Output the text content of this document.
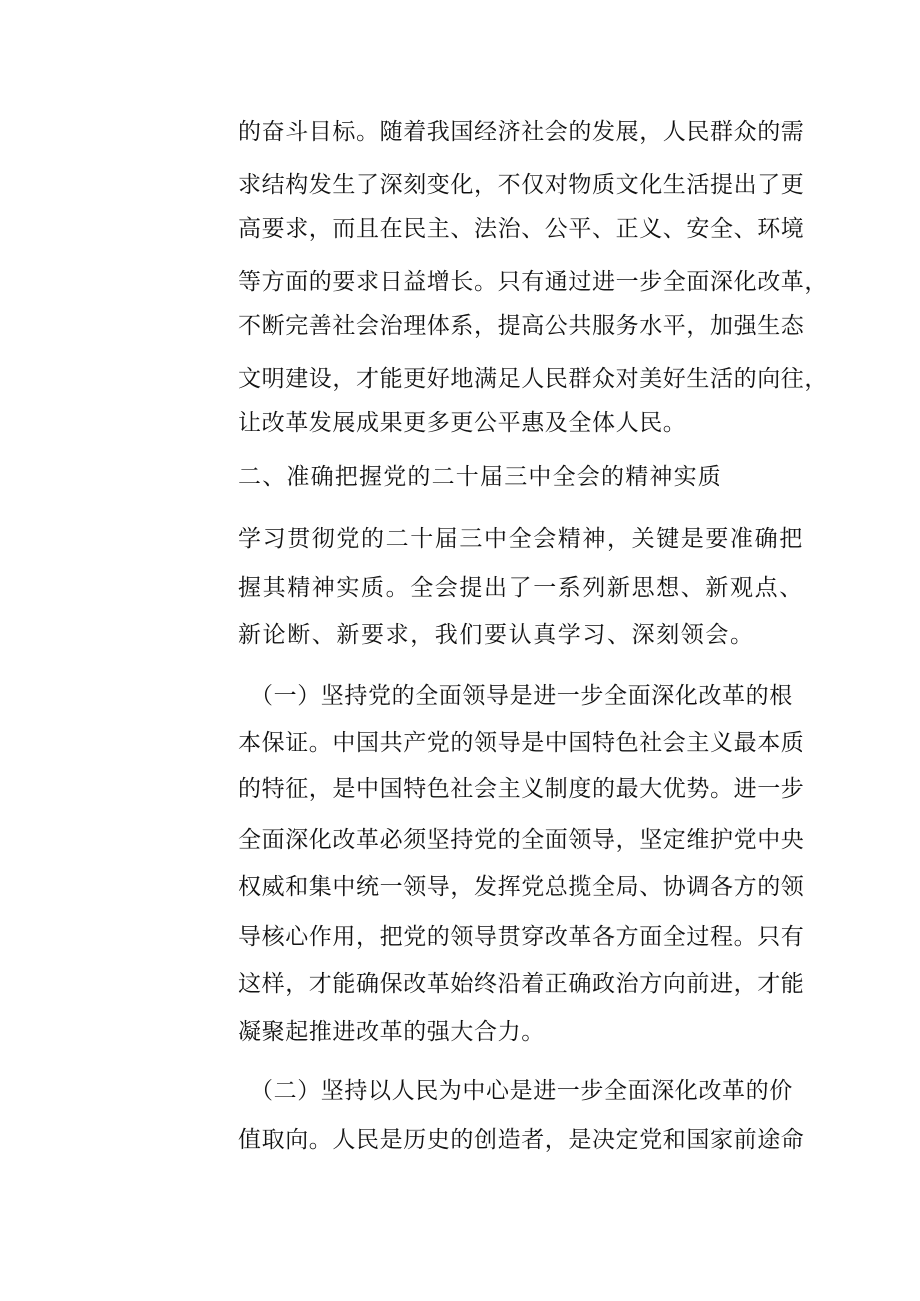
的奋斗目标。随着我国经济社会的发展，人民群众的需
求结构发生了深刻变化，不仅对物质文化生活提出了更
高要求，而且在民主、法治、公平、正义、安全、环境
等方面的要求日益增长。只有通过进一步全面深化改革，
不断完善社会治理体系，提高公共服务水平，加强生态
文明建设，才能更好地满足人民群众对美好生活的向往，
让改革发展成果更多更公平惠及全体人民。
二、准确把握党的二十届三中全会的精神实质
学习贯彻党的二十届三中全会精神，关键是要准确把
握其精神实质。全会提出了一系列新思想、新观点、
新论断、新要求，我们要认真学习、深刻领会。
（一）坚持党的全面领导是进一步全面深化改革的根
本保证。中国共产党的领导是中国特色社会主义最本质
的特征，是中国特色社会主义制度的最大优势。进一步
全面深化改革必须坚持党的全面领导，坚定维护党中央
权威和集中统一领导，发挥党总揽全局、协调各方的领
导核心作用，把党的领导贯穿改革各方面全过程。只有
这样，才能确保改革始终沿着正确政治方向前进，才能
凝聚起推进改革的强大合力。
（二）坚持以人民为中心是进一步全面深化改革的价
值取向。人民是历史的创造者，是决定党和国家前途命
